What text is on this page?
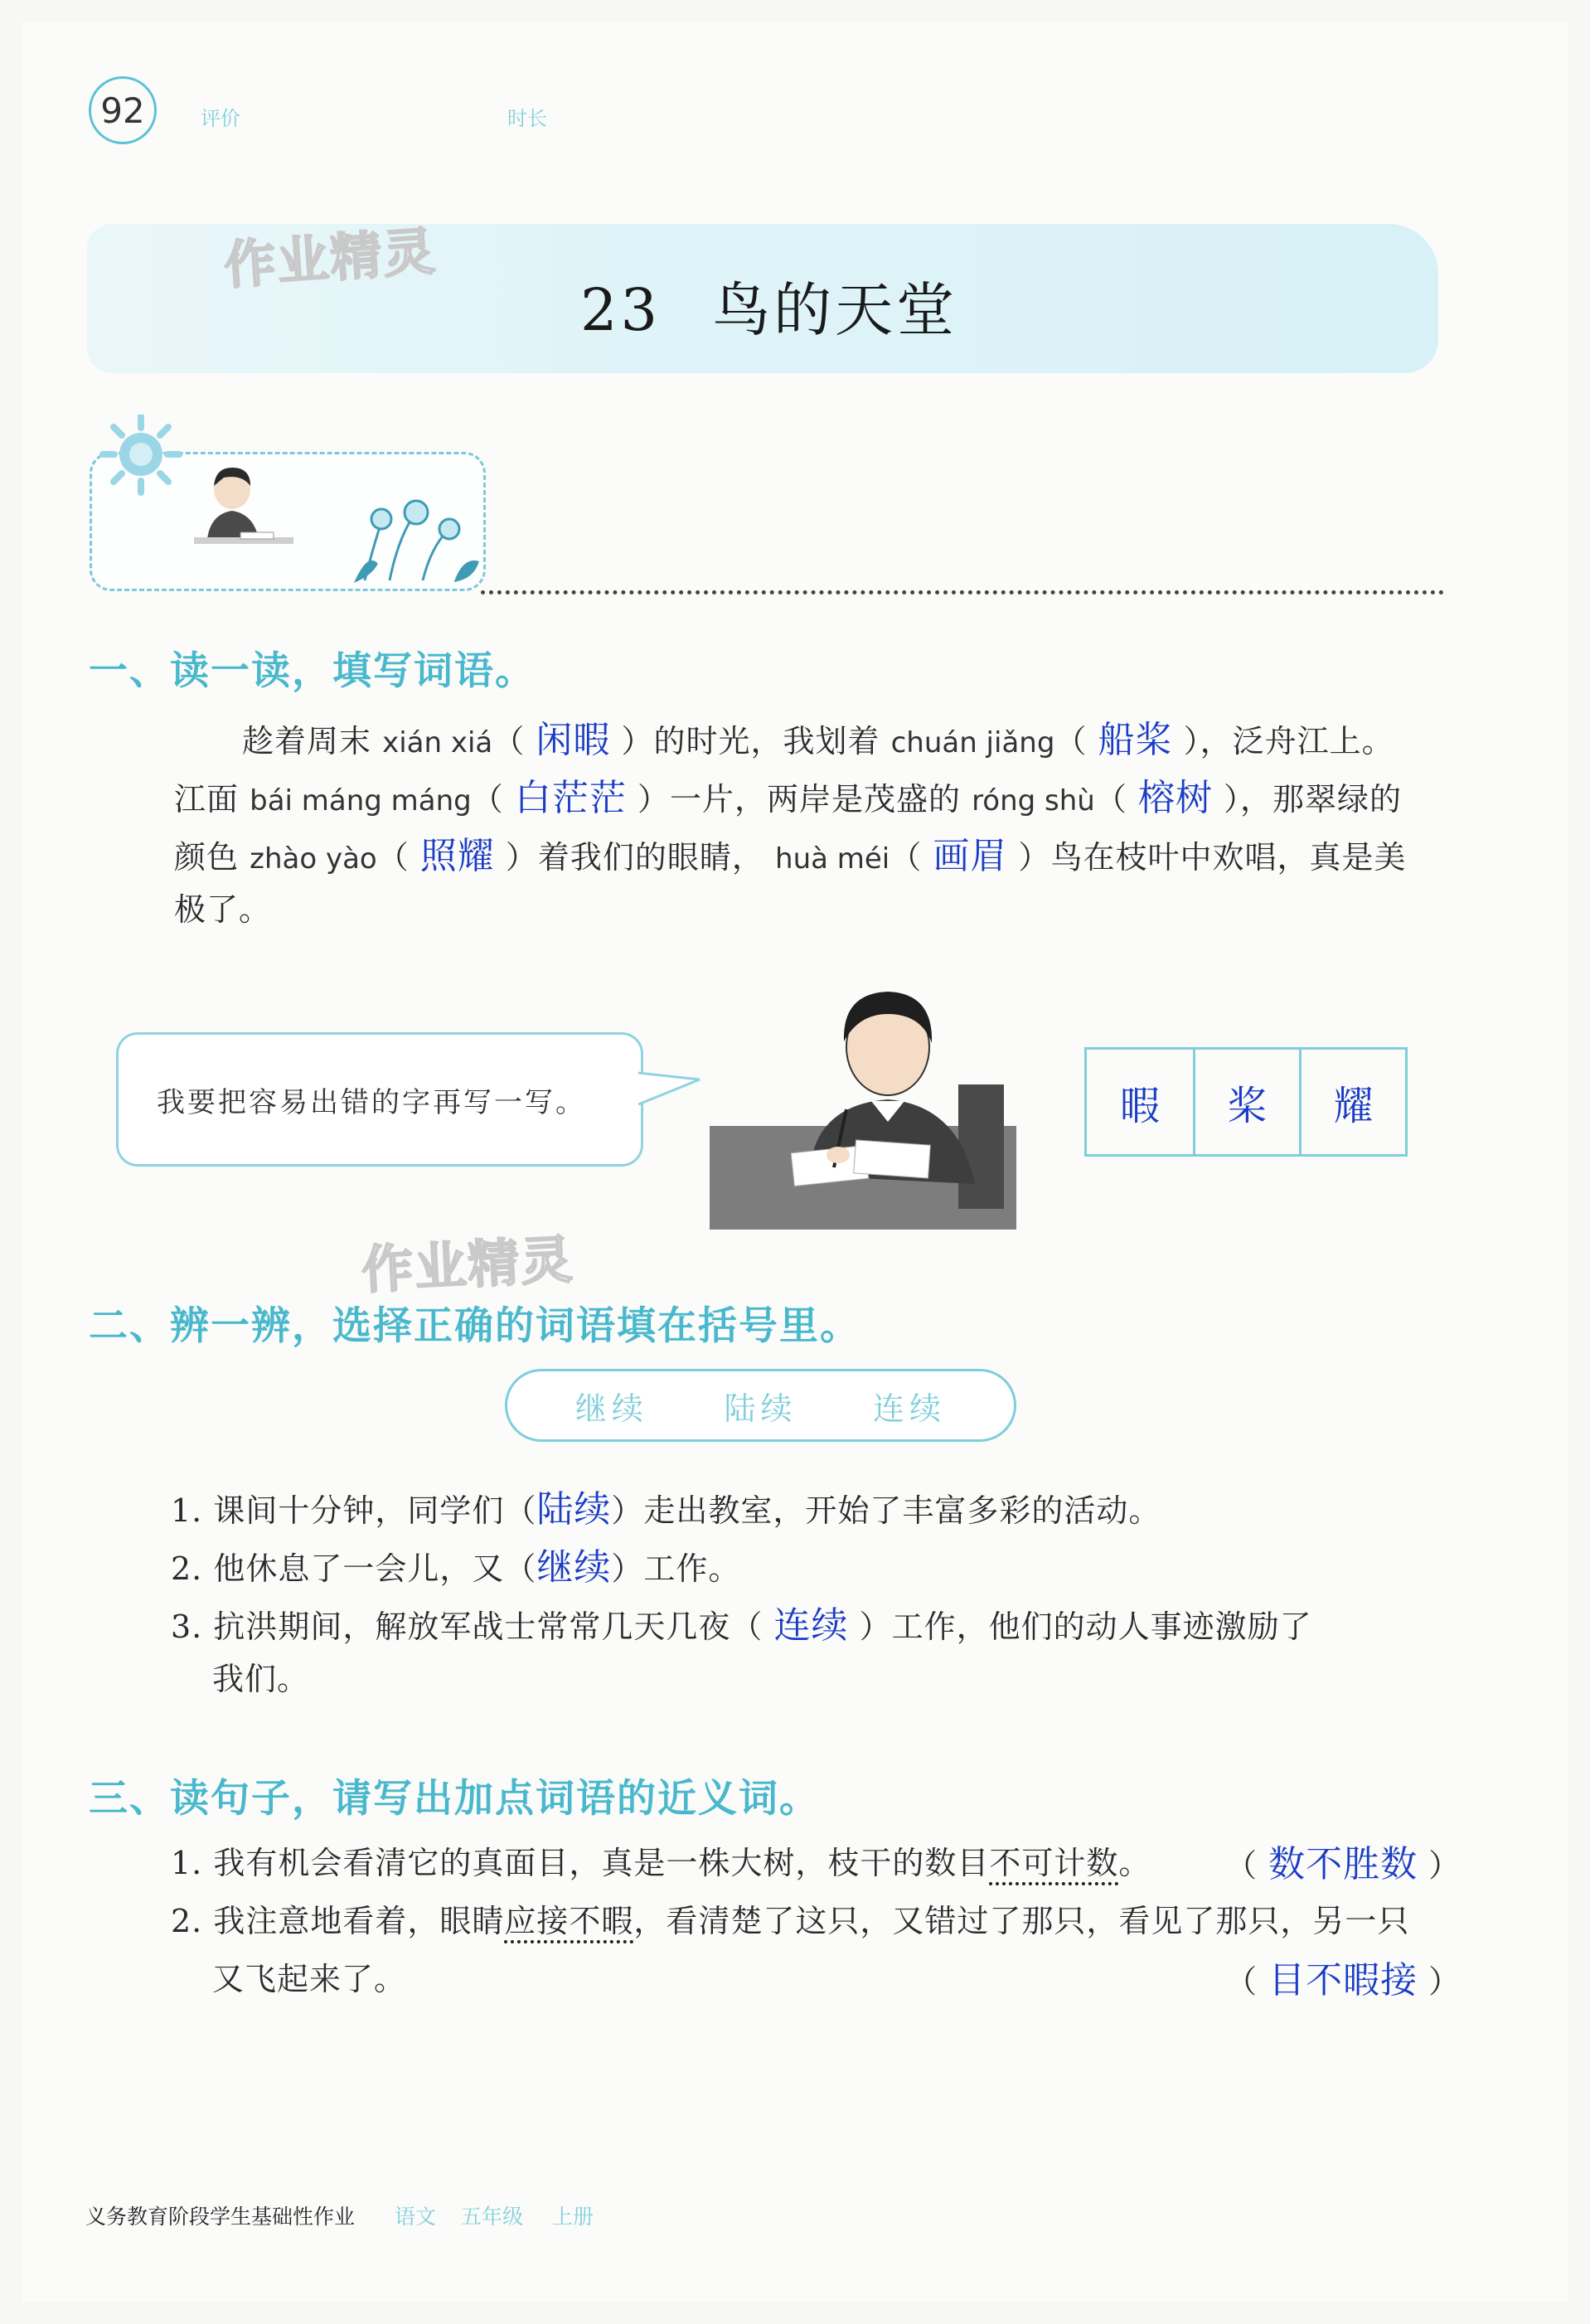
92	评价	时长
作业精灵
23 鸟的天堂
一、读一读，填写词语。
趁着周末 xián xiá（ 闲暇 ）的时光，我划着 chuán jiǎng（ 船桨 ），泛舟江上。
江面 bái máng máng（ 白茫茫 ）一片，两岸是茂盛的 róng shù（ 榕树 ），那翠绿的
颜色 zhào yào（ 照耀 ）着我们的眼睛， huà méi（ 画眉 ）鸟在枝叶中欢唱，真是美
极了。
我要把容易出错的字再写一写。	暇	桨	耀
作业精灵
二、辨一辨，选择正确的词语填在括号里。
继续 陆续 连续
1. 课间十分钟，同学们（陆续）走出教室，开始了丰富多彩的活动。
2. 他休息了一会儿，又（继续）工作。
3. 抗洪期间，解放军战士常常几天几夜（ 连续 ）工作，他们的动人事迹激励了
我们。
三、读句子，请写出加点词语的近义词。
1. 我有机会看清它的真面目，真是一株大树，枝干的数目不可计数。 （ 数不胜数 ）
2. 我注意地看着，眼睛应接不暇，看清楚了这只，又错过了那只，看见了那只，另一只
又飞起来了。	（ 目不暇接 ）
义务教育阶段学生基础性作业 语文 五年级 上册
